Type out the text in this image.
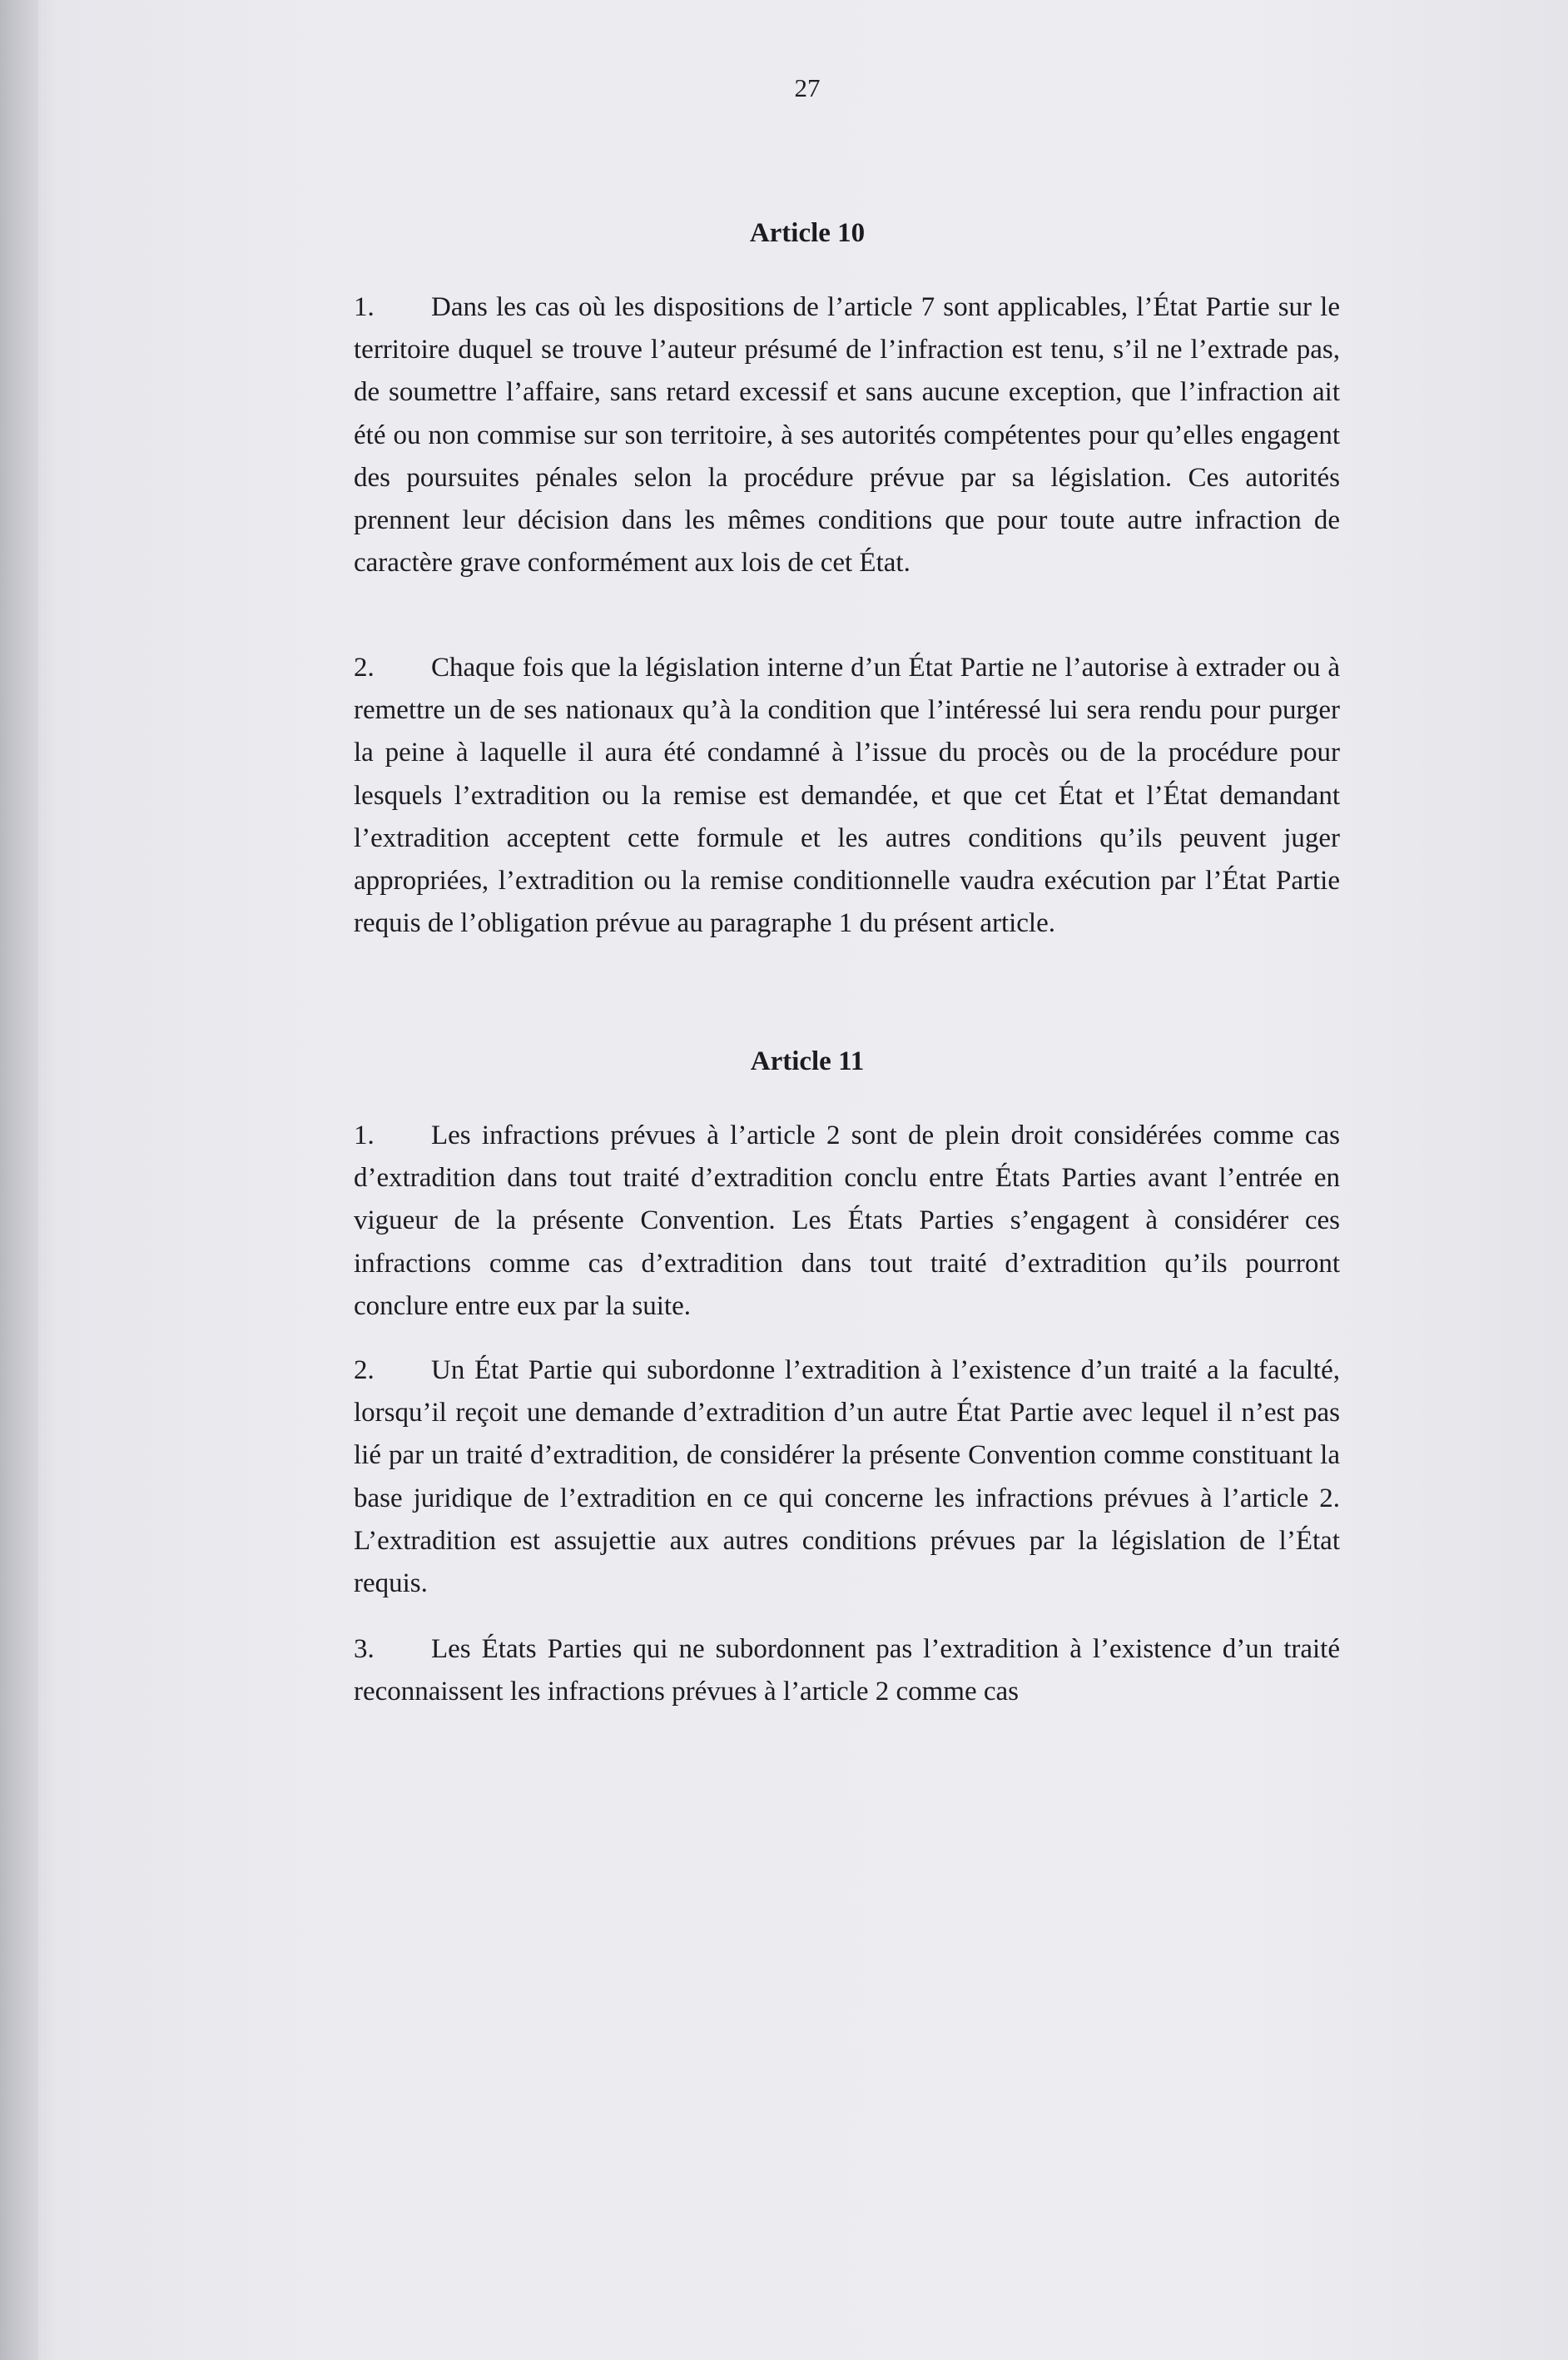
27
Article 10
1. Dans les cas où les dispositions de l’article 7 sont applicables, l’État Partie sur le territoire duquel se trouve l’auteur présumé de l’infraction est tenu, s’il ne l’extrade pas, de soumettre l’affaire, sans retard excessif et sans aucune exception, que l’infraction ait été ou non commise sur son territoire, à ses autorités compétentes pour qu’elles engagent des poursuites pénales selon la procédure prévue par sa législation. Ces autorités prennent leur décision dans les mêmes conditions que pour toute autre infraction de caractère grave conformément aux lois de cet État.
2. Chaque fois que la législation interne d’un État Partie ne l’autorise à extrader ou à remettre un de ses nationaux qu’à la condition que l’intéressé lui sera rendu pour purger la peine à laquelle il aura été condamné à l’issue du procès ou de la procédure pour lesquels l’extradition ou la remise est demandée, et que cet État et l’État demandant l’extradition acceptent cette formule et les autres conditions qu’ils peuvent juger appropriées, l’extradition ou la remise conditionnelle vaudra exécution par l’État Partie requis de l’obligation prévue au paragraphe 1 du présent article.
Article 11
1. Les infractions prévues à l’article 2 sont de plein droit considérées comme cas d’extradition dans tout traité d’extradition conclu entre États Parties avant l’entrée en vigueur de la présente Convention. Les États Parties s’engagent à considérer ces infractions comme cas d’extradition dans tout traité d’extradition qu’ils pourront conclure entre eux par la suite.
2. Un État Partie qui subordonne l’extradition à l’existence d’un traité a la faculté, lorsqu’il reçoit une demande d’extradition d’un autre État Partie avec lequel il n’est pas lié par un traité d’extradition, de considérer la présente Convention comme constituant la base juridique de l’extradition en ce qui concerne les infractions prévues à l’article 2. L’extradition est assujettie aux autres conditions prévues par la législation de l’État requis.
3. Les États Parties qui ne subordonnent pas l’extradition à l’existence d’un traité reconnaissent les infractions prévues à l’article 2 comme cas
